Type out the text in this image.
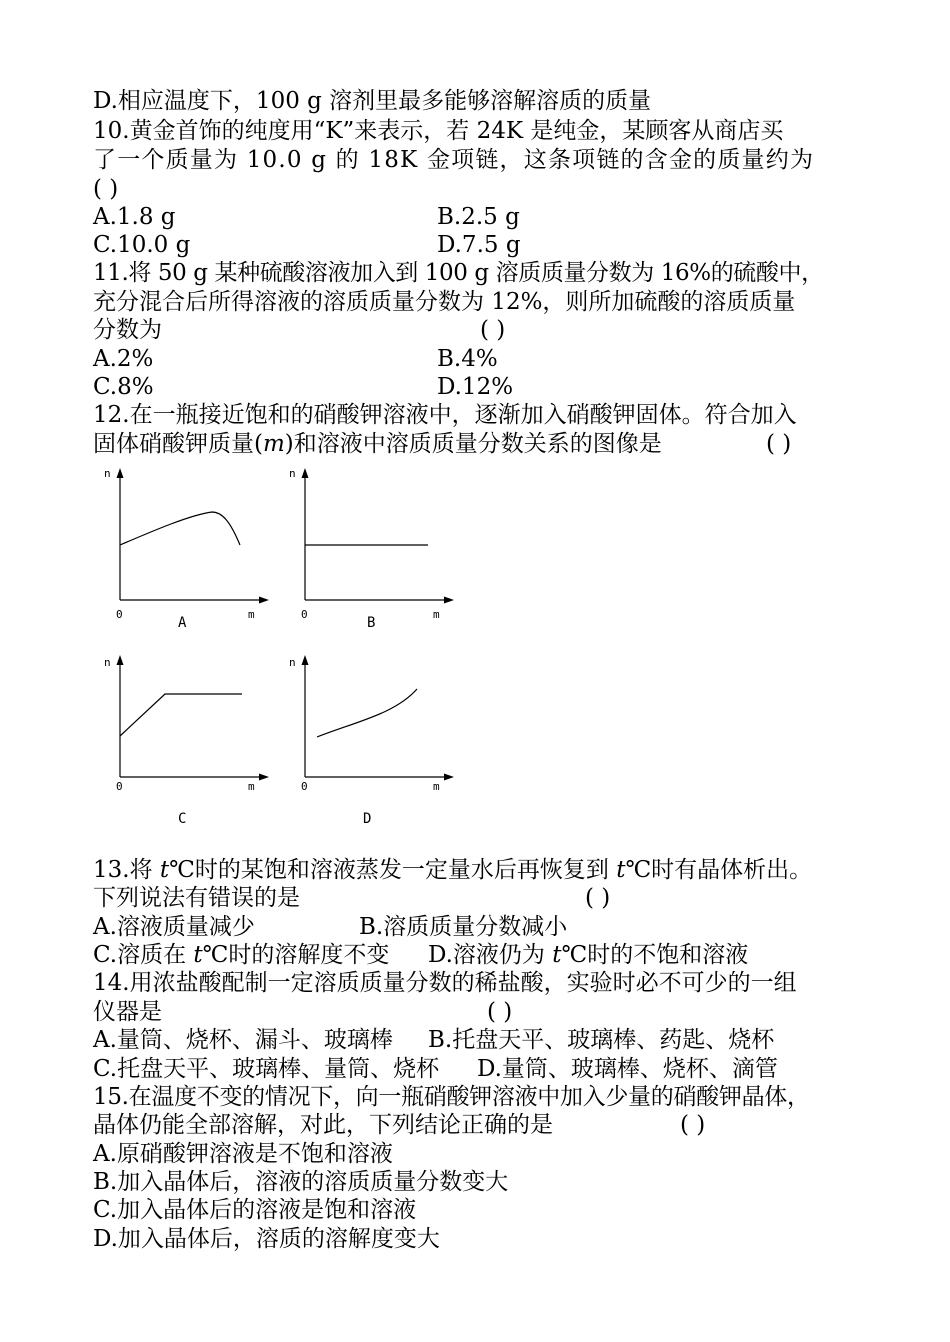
D.相应温度下，100 g 溶剂里最多能够溶解溶质的质量
10.黄金首饰的纯度用“K”来表示，若 24K 是纯金，某顾客从商店买
了一个质量为 10.0 g 的 18K 金项链，这条项链的含金的质量约为
( )
A.1.8 g	B.2.5 g
C.10.0 g	D.7.5 g
11.将 50 g 某种硫酸溶液加入到 100 g 溶质质量分数为 16%的硫酸中，
充分混合后所得溶液的溶质质量分数为 12%，则所加硫酸的溶质质量
分数为	( )
A.2%	B.4%
C.8%	D.12%
12.在一瓶接近饱和的硝酸钾溶液中，逐渐加入硝酸钾固体。符合加入
固体硝酸钾质量(m)和溶液中溶质质量分数关系的图像是	( )
n
0	m
A
n
0	m
B
n
0	m
C
n
0	m
D
13.将 t℃时的某饱和溶液蒸发一定量水后再恢复到 t℃时有晶体析出。
下列说法有错误的是	( )
A.溶液质量减少	B.溶质质量分数减小
C.溶质在 t℃时的溶解度不变 D.溶液仍为 t℃时的不饱和溶液
14.用浓盐酸配制一定溶质质量分数的稀盐酸，实验时必不可少的一组
仪器是	( )
A.量筒、烧杯、漏斗、玻璃棒 B.托盘天平、玻璃棒、药匙、烧杯
C.托盘天平、玻璃棒、量筒、烧杯 D.量筒、玻璃棒、烧杯、滴管
15.在温度不变的情况下，向一瓶硝酸钾溶液中加入少量的硝酸钾晶体，
晶体仍能全部溶解，对此，下列结论正确的是	( )
A.原硝酸钾溶液是不饱和溶液
B.加入晶体后，溶液的溶质质量分数变大
C.加入晶体后的溶液是饱和溶液
D.加入晶体后，溶质的溶解度变大
